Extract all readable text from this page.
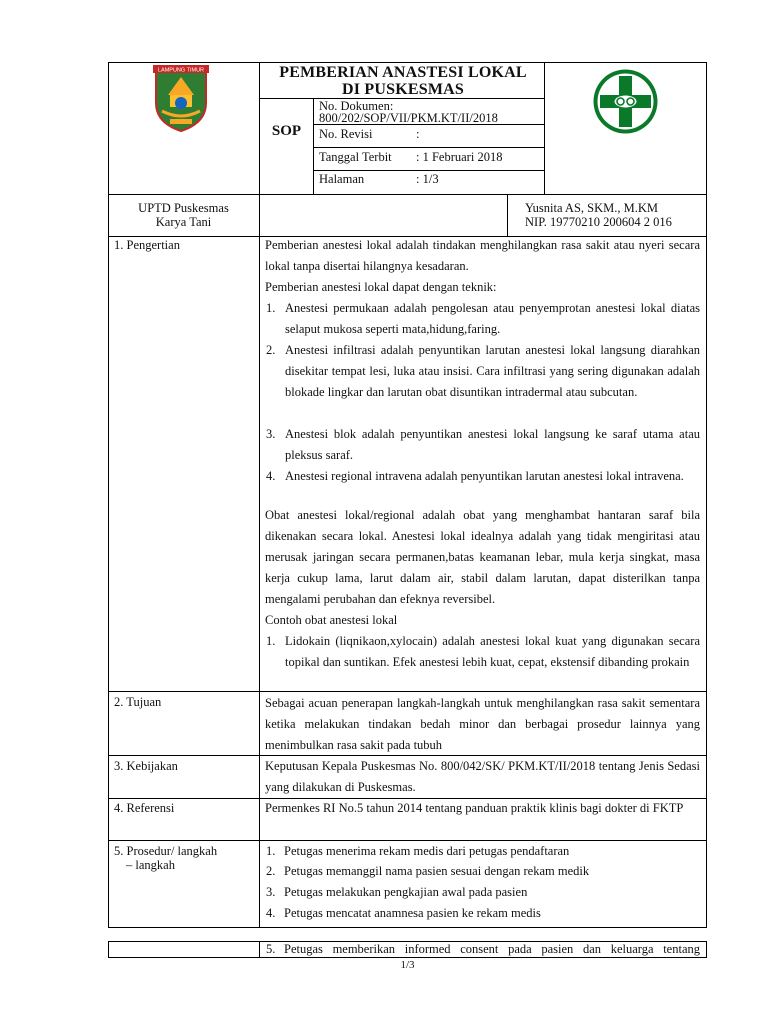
LAMPUNG TIMUR	PEMBERIAN ANASTESI LOKAL
DI PUSKESMAS
SOP
No. Dokumen:
800/202/SOP/VII/PKM.KT/II/2018
No. Revisi	:
Tanggal Terbit : 1 Februari 2018
Halaman	: 1/3
UPTD Puskesmas
Karya Tani
Yusnita AS, SKM., M.KM
NIP. 19770210 200604 2 016
1. Pengertian	Pemberian anestesi lokal adalah tindakan menghilangkan rasa sakit atau nyeri secara lokal tanpa disertai hilangnya kesadaran.
Pemberian anestesi lokal dapat dengan teknik:
1. Anestesi permukaan adalah pengolesan atau penyemprotan anestesi lokal diatas selaput mukosa seperti mata,hidung,faring.
2. Anestesi infiltrasi adalah penyuntikan larutan anestesi lokal langsung diarahkan disekitar tempat lesi, luka atau insisi. Cara infiltrasi yang sering digunakan adalah blokade lingkar dan larutan obat disuntikan intradermal atau subcutan.
3. Anestesi blok adalah penyuntikan anestesi lokal langsung ke saraf utama atau pleksus saraf.
4. Anestesi regional intravena adalah penyuntikan larutan anestesi lokal intravena.
Obat anestesi lokal/regional adalah obat yang menghambat hantaran saraf bila dikenakan secara lokal. Anestesi lokal idealnya adalah yang tidak mengiritasi atau merusak jaringan secara permanen,batas keamanan lebar, mula kerja singkat, masa kerja cukup lama, larut dalam air, stabil dalam larutan, dapat disterilkan tanpa mengalami perubahan dan efeknya reversibel.
Contoh obat anestesi lokal
1. Lidokain (liqnikaon,xylocain) adalah anestesi lokal kuat yang digunakan secara topikal dan suntikan. Efek anestesi lebih kuat, cepat, ekstensif dibanding prokain
2. Tujuan	Sebagai acuan penerapan langkah-langkah untuk menghilangkan rasa sakit sementara ketika melakukan tindakan bedah minor dan berbagai prosedur lainnya yang menimbulkan rasa sakit pada tubuh
3. Kebijakan	Keputusan Kepala Puskesmas No. 800/042/SK/ PKM.KT/II/2018 tentang Jenis Sedasi yang dilakukan di Puskesmas.
4. Referensi	Permenkes RI No.5 tahun 2014 tentang panduan praktik klinis bagi dokter di FKTP
5. Prosedur/ langkah
– langkah
1. Petugas menerima rekam medis dari petugas pendaftaran
2. Petugas memanggil nama pasien sesuai dengan rekam medik
3. Petugas melakukan pengkajian awal pada pasien
4. Petugas mencatat anamnesa pasien ke rekam medis
5. Petugas memberikan informed consent pada pasien dan keluarga tentang
1/3
